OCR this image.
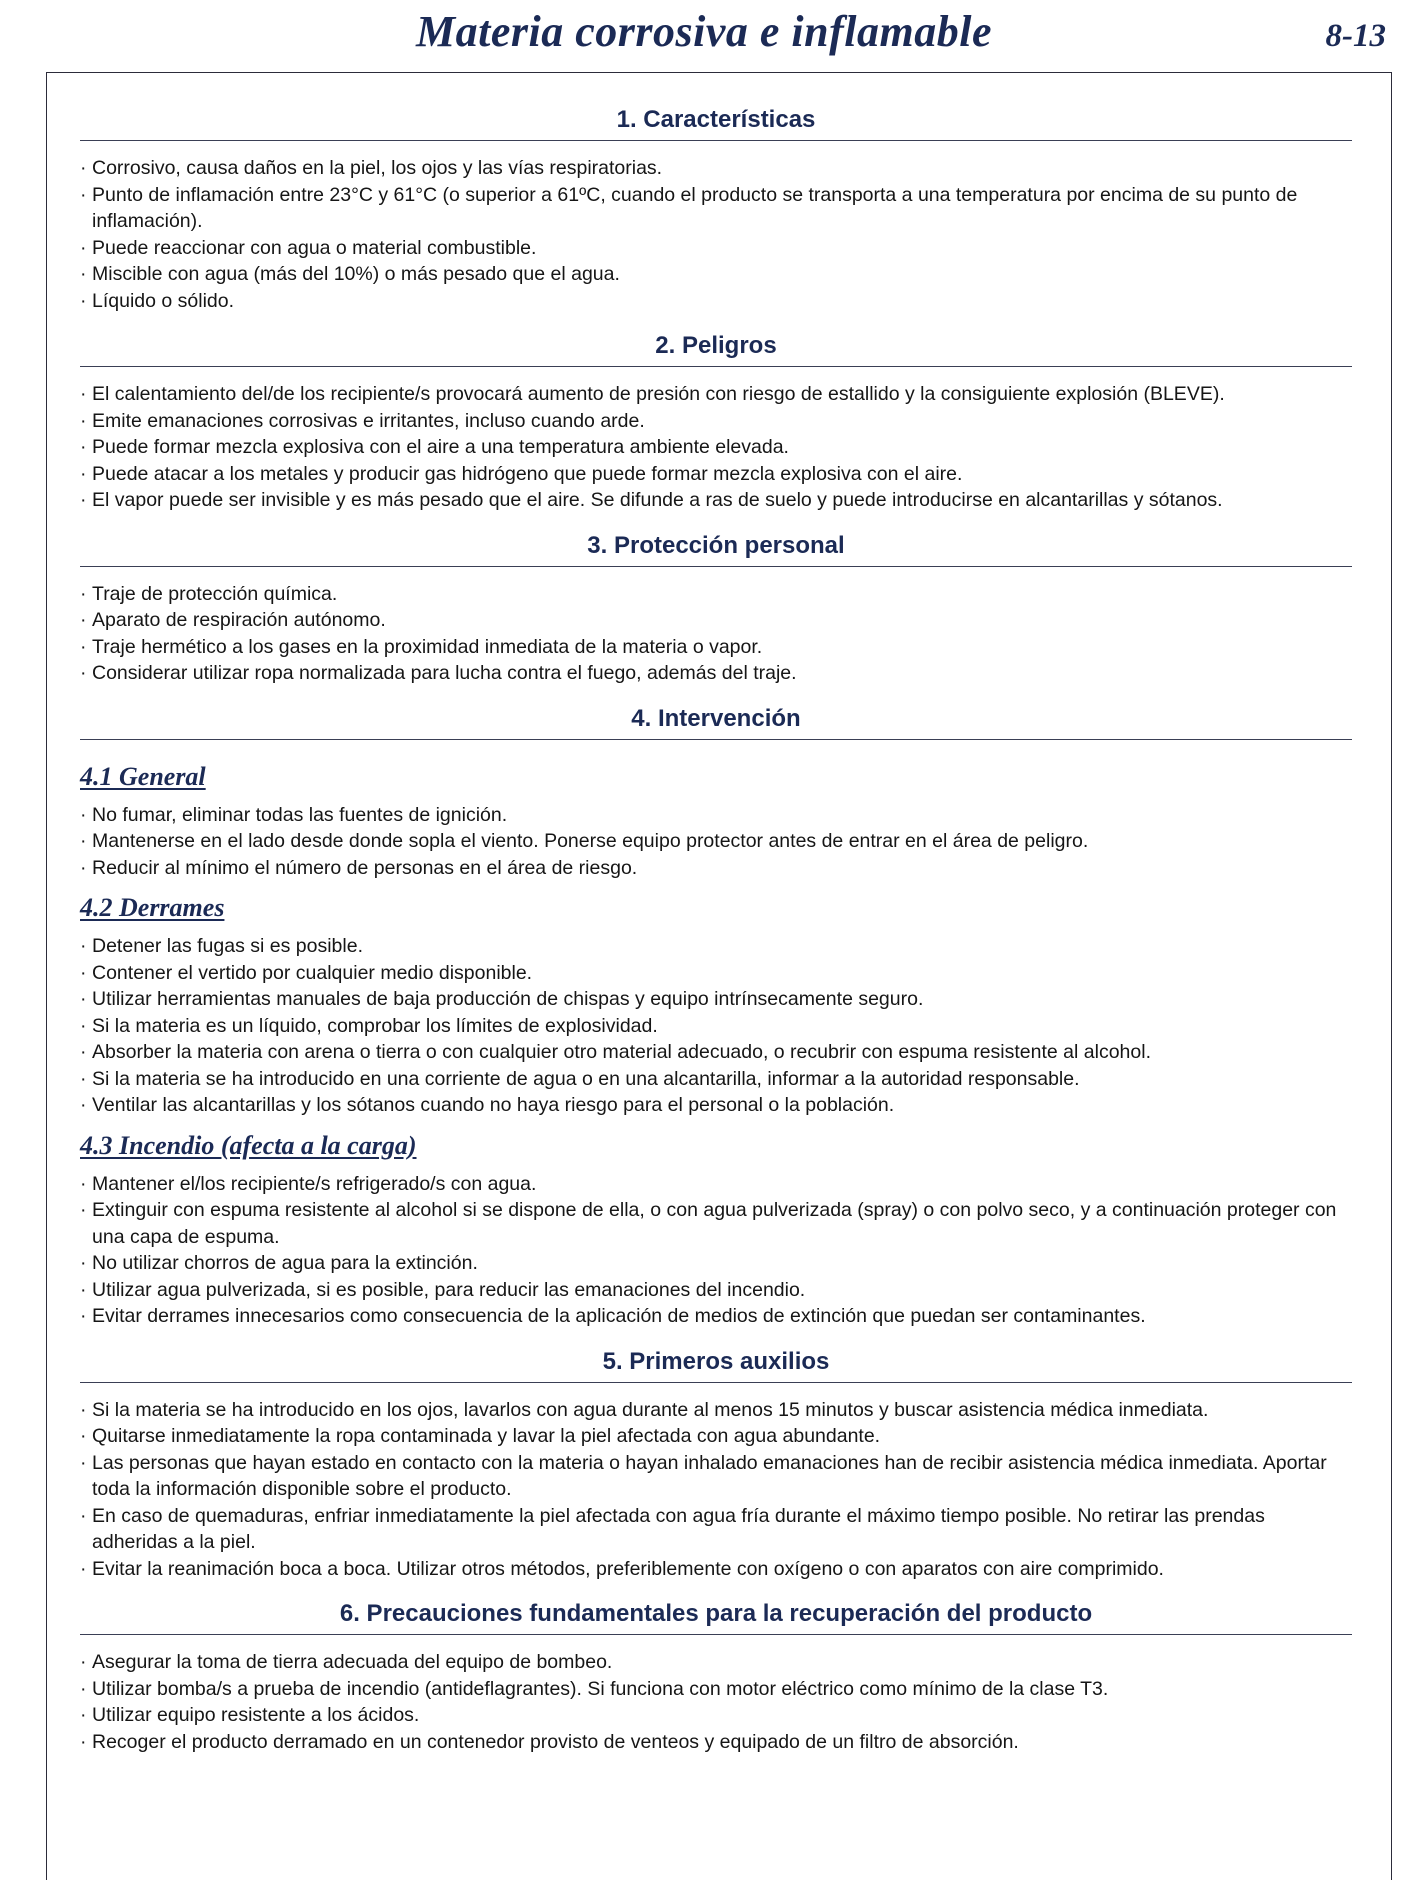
Materia corrosiva e inflamable	8-13
1. Características
· Corrosivo, causa daños en la piel, los ojos y las vías respiratorias.
· Punto de inflamación entre 23°C y 61°C (o superior a 61ºC, cuando el producto se transporta a una temperatura por encima de su punto de inflamación).
· Puede reaccionar con agua o material combustible.
· Miscible con agua (más del 10%) o más pesado que el agua.
· Líquido o sólido.
2. Peligros
· El calentamiento del/de los recipiente/s provocará aumento de presión con riesgo de estallido y la consiguiente explosión (BLEVE).
· Emite emanaciones corrosivas e irritantes, incluso cuando arde.
· Puede formar mezcla explosiva con el aire a una temperatura ambiente elevada.
· Puede atacar a los metales y producir gas hidrógeno que puede formar mezcla explosiva con el aire.
· El vapor puede ser invisible y es más pesado que el aire. Se difunde a ras de suelo y puede introducirse en alcantarillas y sótanos.
3. Protección personal
· Traje de protección química.
· Aparato de respiración autónomo.
· Traje hermético a los gases en la proximidad inmediata de la materia o vapor.
· Considerar utilizar ropa normalizada para lucha contra el fuego, además del traje.
4. Intervención
4.1 General
· No fumar, eliminar todas las fuentes de ignición.
· Mantenerse en el lado desde donde sopla el viento. Ponerse equipo protector antes de entrar en el área de peligro.
· Reducir al mínimo el número de personas en el área de riesgo.
4.2 Derrames
· Detener las fugas si es posible.
· Contener el vertido por cualquier medio disponible.
· Utilizar herramientas manuales de baja producción de chispas y equipo intrínsecamente seguro.
· Si la materia es un líquido, comprobar los límites de explosividad.
· Absorber la materia con arena o tierra o con cualquier otro material adecuado, o recubrir con espuma resistente al alcohol.
· Si la materia se ha introducido en una corriente de agua o en una alcantarilla, informar a la autoridad responsable.
· Ventilar las alcantarillas y los sótanos cuando no haya riesgo para el personal o la población.
4.3 Incendio (afecta a la carga)
· Mantener el/los recipiente/s refrigerado/s con agua.
· Extinguir con espuma resistente al alcohol si se dispone de ella, o con agua pulverizada (spray) o con polvo seco, y a continuación proteger con una capa de espuma.
· No utilizar chorros de agua para la extinción.
· Utilizar agua pulverizada, si es posible, para reducir las emanaciones del incendio.
· Evitar derrames innecesarios como consecuencia de la aplicación de medios de extinción que puedan ser contaminantes.
5. Primeros auxilios
· Si la materia se ha introducido en los ojos, lavarlos con agua durante al menos 15 minutos y buscar asistencia médica inmediata.
· Quitarse inmediatamente la ropa contaminada y lavar la piel afectada con agua abundante.
· Las personas que hayan estado en contacto con la materia o hayan inhalado emanaciones han de recibir asistencia médica inmediata. Aportar toda la información disponible sobre el producto.
· En caso de quemaduras, enfriar inmediatamente la piel afectada con agua fría durante el máximo tiempo posible. No retirar las prendas adheridas a la piel.
· Evitar la reanimación boca a boca. Utilizar otros métodos, preferiblemente con oxígeno o con aparatos con aire comprimido.
6. Precauciones fundamentales para la recuperación del producto
· Asegurar la toma de tierra adecuada del equipo de bombeo.
· Utilizar bomba/s a prueba de incendio (antideflagrantes). Si funciona con motor eléctrico como mínimo de la clase T3.
· Utilizar equipo resistente a los ácidos.
· Recoger el producto derramado en un contenedor provisto de venteos y equipado de un filtro de absorción.
